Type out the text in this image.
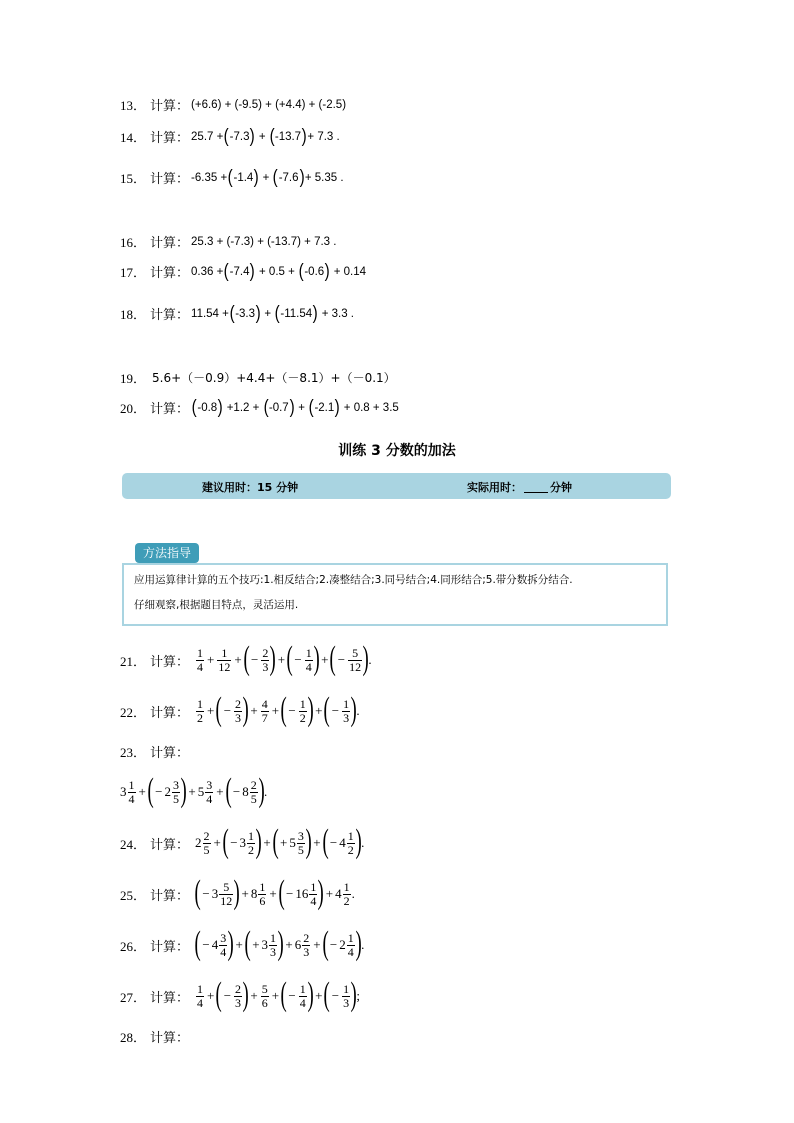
13． 计算： (+6.6) + (-9.5) + (+4.4) + (-2.5)
14． 计算： 25.7 + ( -7.3 ) + ( -13.7 ) + 7.3 .
15． 计算： -6.35 + ( -1.4 ) + ( -7.6 ) + 5.35 .
16． 计算： 25.3 + (-7.3) + (-13.7) + 7.3 .
17． 计算： 0.36 + ( -7.4 ) + 0.5 + ( -0.6 ) + 0.14
18． 计算： 11.54 + ( -3.3 ) + ( -11.54 ) + 3.3 .
19． 5.6+（－0.9）+4.4+（－8.1）+（－0.1）
20． 计算： ( -0.8 ) +1.2 + ( -0.7 ) + ( -2.1 ) + 0.8 + 3.5
训练 3 分数的加法
建议用时：15 分钟	实际用时：	分钟
方法指导
应用运算律计算的五个技巧:1.相反结合;2.凑整结合;3.同号结合;4.同形结合;5.带分数拆分结合.
仔细观察,根据题目特点，灵活运用.
21． 计算： $\frac{1}{4} + \frac{1}{12}$ + ( − $\frac{2}{3}$ ) + ( − $\frac{1}{4}$ ) + ( − $\frac{5}{12}$ ) .
22． 计算： $\frac{1}{2}$ + ( − $\frac{2}{3}$ ) + $\frac{4}{7}$ + ( − $\frac{1}{2}$ ) + ( − $\frac{1}{3}$ ) .
23． 计算：
$3 \frac{1}{4}$ + ( − $2 \frac{3}{5}$ ) + $5 \frac{3}{4}$ + ( − $8 \frac{2}{5}$ ) .
24． 计算： $2 \frac{2}{5}$ + ( − $3 \frac{1}{2}$ ) + ( + $5 \frac{3}{5}$ ) + ( − $4 \frac{1}{2}$ ) .
25． 计算： ( − $3 \frac{5}{12}$ ) + $8 \frac{1}{6}$ + ( − $16 \frac{1}{4}$ ) + $4 \frac{1}{2}$ .
26． 计算： ( − $4 \frac{3}{4}$ ) + ( + $3 \frac{1}{3}$ ) + $6 \frac{2}{3}$ + ( − $2 \frac{1}{4}$ ) .
27． 计算： $\frac{1}{4}$ + ( − $\frac{2}{3}$ ) + $\frac{5}{6}$ + ( − $\frac{1}{4}$ ) + ( − $\frac{1}{3}$ ) ;
28． 计算：
